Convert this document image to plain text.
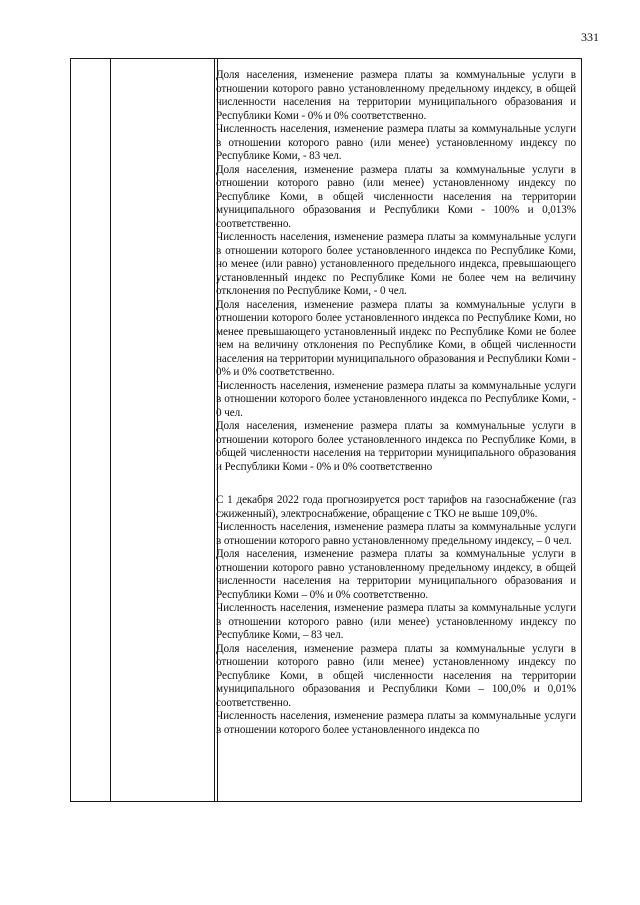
331

Доля населения, изменение размера платы за коммунальные услуги в отношении которого равно установленному предельному индексу, в общей численности населения на территории муниципального образования и Республики Коми - 0% и 0% соответственно.

Численность населения, изменение размера платы за коммунальные услуги в отношении которого равно (или менее) установленному индексу по Республике Коми, - 83 чел.

Доля населения, изменение размера платы за коммунальные услуги в отношении которого равно (или менее) установленному индексу по Республике Коми, в общей численности населения на территории муниципального образования и Республики Коми - 100% и 0,013% соответственно.

Численность населения, изменение размера платы за коммунальные услуги в отношении которого более установленного индекса по Республике Коми, но менее (или равно) установленного предельного индекса, превышающего установленный индекс по Республике Коми не более чем на величину отклонения по Республике Коми, - 0 чел.

Доля населения, изменение размера платы за коммунальные услуги в отношении которого более установленного индекса по Республике Коми, но менее превышающего установленный индекс по Республике Коми не более чем на величину отклонения по Республике Коми, в общей численности населения на территории муниципального образования и Республики Коми - 0% и 0% соответственно.

Численность населения, изменение размера платы за коммунальные услуги в отношении которого более установленного индекса по Республике Коми, - 0 чел.

Доля населения, изменение размера платы за коммунальные услуги в отношении которого более установленного индекса по Республике Коми, в общей численности населения на территории муниципального образования и Республики Коми - 0% и 0% соответственно

С 1 декабря 2022 года прогнозируется рост тарифов на газоснабжение (газ сжиженный), электроснабжение, обращение с ТКО не выше 109,0%.

Численность населения, изменение размера платы за коммунальные услуги в отношении которого равно установленному предельному индексу, – 0 чел.

Доля населения, изменение размера платы за коммунальные услуги в отношении которого равно установленному предельному индексу, в общей численности населения на территории муниципального образования и Республики Коми – 0% и 0% соответственно.

Численность населения, изменение размера платы за коммунальные услуги в отношении которого равно (или менее) установленному индексу по Республике Коми, – 83 чел.

Доля населения, изменение размера платы за коммунальные услуги в отношении которого равно (или менее) установленному индексу по Республике Коми, в общей численности населения на территории муниципального образования и Республики Коми – 100,0% и 0,01% соответственно.

Численность населения, изменение размера платы за коммунальные услуги в отношении которого более установленного индекса по
